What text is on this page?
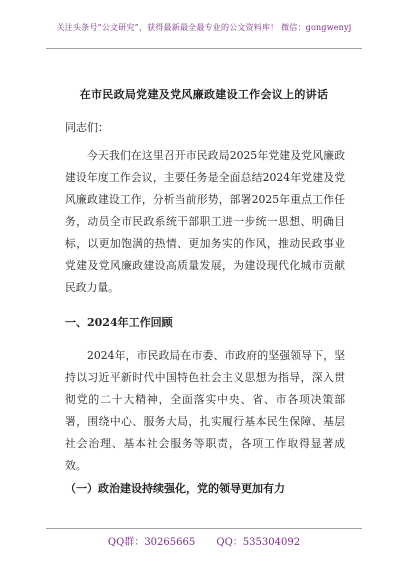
关注头条号“公文研究”，获得最新最全最专业的公文资料库！ 微信：gongwenyj
在市民政局党建及党风廉政建设工作会议上的讲话
同志们：

今天我们在这里召开市民政局2025年党建及党风廉政建设年度工作会议，主要任务是全面总结2024年党建及党风廉政建设工作，分析当前形势，部署2025年重点工作任务，动员全市民政系统干部职工进一步统一思想、明确目标，以更加饱满的热情、更加务实的作风，推动民政事业党建及党风廉政建设高质量发展，为建设现代化城市贡献民政力量。

一、2024年工作回顾

2024年，市民政局在市委、市政府的坚强领导下，坚持以习近平新时代中国特色社会主义思想为指导，深入贯彻党的二十大精神，全面落实中央、省、市各项决策部署，围绕中心、服务大局，扎实履行基本民生保障、基层社会治理、基本社会服务等职责，各项工作取得显著成效。

（一）政治建设持续强化，党的领导更加有力
QQ群：30265665 QQ：535304092
